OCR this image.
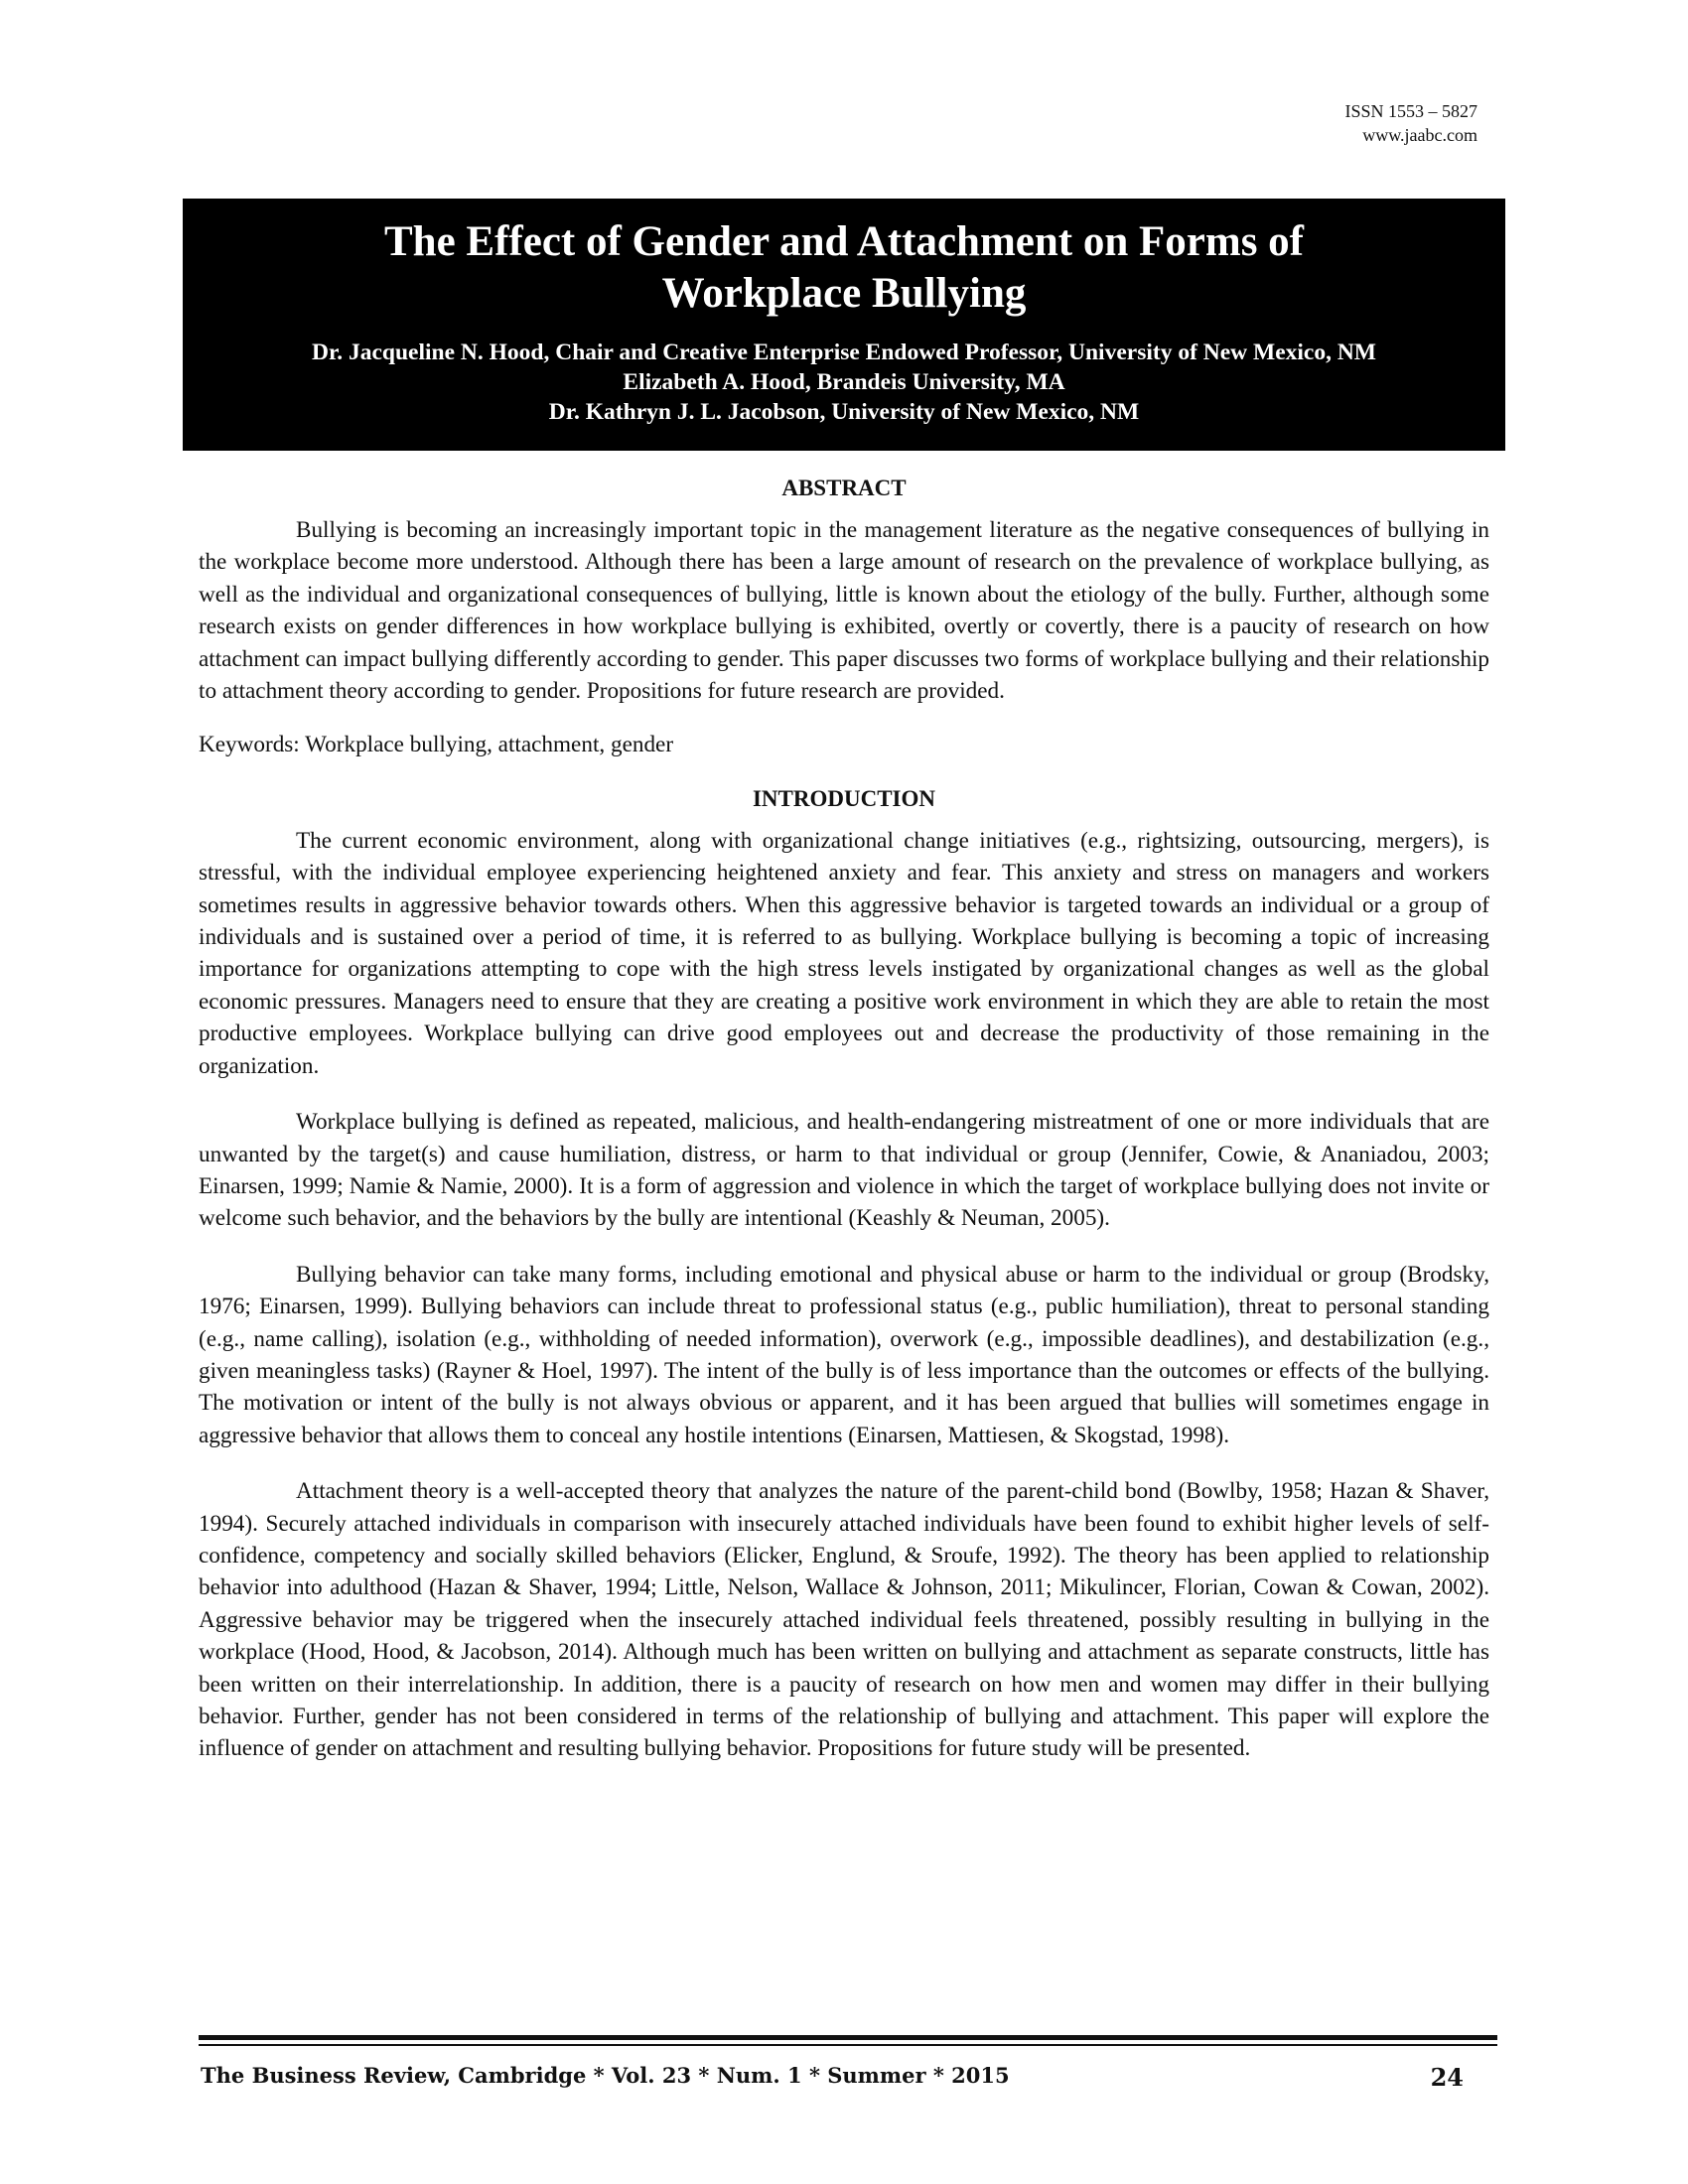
ISSN 1553 – 5827
www.jaabc.com
The Effect of Gender and Attachment on Forms of
Workplace Bullying
Dr. Jacqueline N. Hood, Chair and Creative Enterprise Endowed Professor, University of New Mexico, NM
Elizabeth A. Hood, Brandeis University, MA
Dr. Kathryn J. L. Jacobson, University of New Mexico, NM
ABSTRACT

Bullying is becoming an increasingly important topic in the management literature as the negative consequences of bullying in the workplace become more understood. Although there has been a large amount of research on the prevalence of workplace bullying, as well as the individual and organizational consequences of bullying, little is known about the etiology of the bully. Further, although some research exists on gender differences in how workplace bullying is exhibited, overtly or covertly, there is a paucity of research on how attachment can impact bullying differently according to gender. This paper discusses two forms of workplace bullying and their relationship to attachment theory according to gender. Propositions for future research are provided.

Keywords: Workplace bullying, attachment, gender

INTRODUCTION

The current economic environment, along with organizational change initiatives (e.g., rightsizing, outsourcing, mergers), is stressful, with the individual employee experiencing heightened anxiety and fear. This anxiety and stress on managers and workers sometimes results in aggressive behavior towards others. When this aggressive behavior is targeted towards an individual or a group of individuals and is sustained over a period of time, it is referred to as bullying. Workplace bullying is becoming a topic of increasing importance for organizations attempting to cope with the high stress levels instigated by organizational changes as well as the global economic pressures. Managers need to ensure that they are creating a positive work environment in which they are able to retain the most productive employees. Workplace bullying can drive good employees out and decrease the productivity of those remaining in the organization.

Workplace bullying is defined as repeated, malicious, and health-endangering mistreatment of one or more individuals that are unwanted by the target(s) and cause humiliation, distress, or harm to that individual or group (Jennifer, Cowie, & Ananiadou, 2003; Einarsen, 1999; Namie & Namie, 2000). It is a form of aggression and violence in which the target of workplace bullying does not invite or welcome such behavior, and the behaviors by the bully are intentional (Keashly & Neuman, 2005).

Bullying behavior can take many forms, including emotional and physical abuse or harm to the individual or group (Brodsky, 1976; Einarsen, 1999). Bullying behaviors can include threat to professional status (e.g., public humiliation), threat to personal standing (e.g., name calling), isolation (e.g., withholding of needed information), overwork (e.g., impossible deadlines), and destabilization (e.g., given meaningless tasks) (Rayner & Hoel, 1997). The intent of the bully is of less importance than the outcomes or effects of the bullying. The motivation or intent of the bully is not always obvious or apparent, and it has been argued that bullies will sometimes engage in aggressive behavior that allows them to conceal any hostile intentions (Einarsen, Mattiesen, & Skogstad, 1998).

Attachment theory is a well-accepted theory that analyzes the nature of the parent-child bond (Bowlby, 1958; Hazan & Shaver, 1994). Securely attached individuals in comparison with insecurely attached individuals have been found to exhibit higher levels of self-confidence, competency and socially skilled behaviors (Elicker, Englund, & Sroufe, 1992). The theory has been applied to relationship behavior into adulthood (Hazan & Shaver, 1994; Little, Nelson, Wallace & Johnson, 2011; Mikulincer, Florian, Cowan & Cowan, 2002). Aggressive behavior may be triggered when the insecurely attached individual feels threatened, possibly resulting in bullying in the workplace (Hood, Hood, & Jacobson, 2014). Although much has been written on bullying and attachment as separate constructs, little has been written on their interrelationship. In addition, there is a paucity of research on how men and women may differ in their bullying behavior. Further, gender has not been considered in terms of the relationship of bullying and attachment. This paper will explore the influence of gender on attachment and resulting bullying behavior. Propositions for future study will be presented.

The Business Review, Cambridge * Vol. 23 * Num. 1 * Summer * 2015	24
